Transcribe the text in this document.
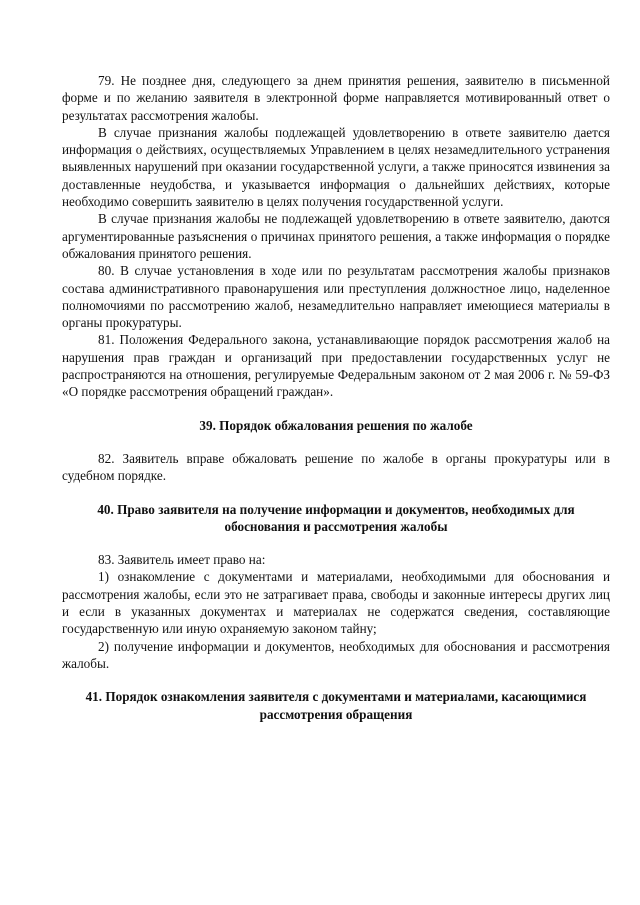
79. Не позднее дня, следующего за днем принятия решения, заявителю в письменной форме и по желанию заявителя в электронной форме направляется мотивированный ответ о результатах рассмотрения жалобы.

В случае признания жалобы подлежащей удовлетворению в ответе заявителю дается информация о действиях, осуществляемых Управлением в целях незамедлительного устранения выявленных нарушений при оказании государственной услуги, а также приносятся извинения за доставленные неудобства, и указывается информация о дальнейших действиях, которые необходимо совершить заявителю в целях получения государственной услуги.

В случае признания жалобы не подлежащей удовлетворению в ответе заявителю, даются аргументированные разъяснения о причинах принятого решения, а также информация о порядке обжалования принятого решения.

80. В случае установления в ходе или по результатам рассмотрения жалобы признаков состава административного правонарушения или преступления должностное лицо, наделенное полномочиями по рассмотрению жалоб, незамедлительно направляет имеющиеся материалы в органы прокуратуры.

81. Положения Федерального закона, устанавливающие порядок рассмотрения жалоб на нарушения прав граждан и организаций при предоставлении государственных услуг не распространяются на отношения, регулируемые Федеральным законом от 2 мая 2006 г. № 59-ФЗ «О порядке рассмотрения обращений граждан».

39. Порядок обжалования решения по жалобе

82. Заявитель вправе обжаловать решение по жалобе в органы прокуратуры или в судебном порядке.

40. Право заявителя на получение информации и документов, необходимых для обоснования и рассмотрения жалобы

83. Заявитель имеет право на:

1) ознакомление с документами и материалами, необходимыми для обоснования и рассмотрения жалобы, если это не затрагивает права, свободы и законные интересы других лиц и если в указанных документах и материалах не содержатся сведения, составляющие государственную или иную охраняемую законом тайну;

2) получение информации и документов, необходимых для обоснования и рассмотрения жалобы.

41. Порядок ознакомления заявителя с документами и материалами, касающимися рассмотрения обращения
